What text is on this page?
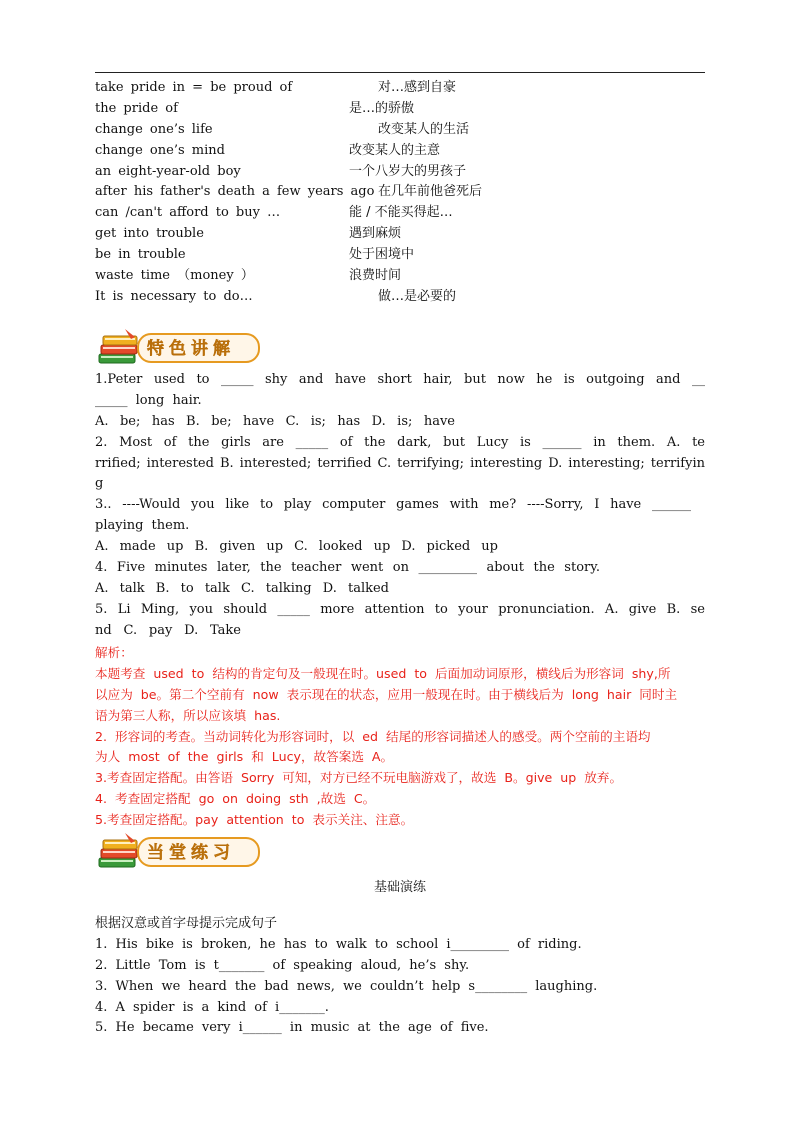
take pride in = be proud of	对…感到自豪
the pride of	是…的骄傲
change one’s life	改变某人的生活
change one’s mind	改变某人的主意
an eight-year-old boy	一个八岁大的男孩子
after his father's death a few years ago 在几年前他爸死后
can /can't afford to buy …	能 / 不能买得起…
get into trouble	遇到麻烦
be in trouble	处于困境中
waste time （money ）	浪费时间
It is necessary to do…	做…是必要的
特色讲解
1.Peter used to _____ shy and have short hair, but now he is outgoing and __
_____ long hair.
A. be; has B. be; have C. is; has D. is; have
2. Most of the girls are _____ of the dark, but Lucy is ______ in them. A. te
rrified; interested B. interested; terrified C. terrifying; interesting D. interesting; terrifyin
g
3.. ----Would you like to play computer games with me? ----Sorry, I have ______
playing them.
A. made up B. given up C. looked up D. picked up
4. Five minutes later, the teacher went on _________ about the story.
A. talk B. to talk C. talking D. talked
5. Li Ming, you should _____ more attention to your pronunciation. A. give B. se
nd C. pay D. Take
解析：
本题考查 used to 结构的肯定句及一般现在时。used to 后面加动词原形，横线后为形容词 shy,所
以应为 be。第二个空前有 now 表示现在的状态，应用一般现在时。由于横线后为 long hair 同时主
语为第三人称，所以应该填 has.
2. 形容词的考查。当动词转化为形容词时，以 ed 结尾的形容词描述人的感受。两个空前的主语均
为人 most of the girls 和 Lucy，故答案选 A。
3.考查固定搭配。由答语 Sorry 可知，对方已经不玩电脑游戏了，故选 B。give up 放弃。
4. 考查固定搭配 go on doing sth ,故选 C。
5.考查固定搭配。pay attention to 表示关注、注意。
当堂练习
基础演练
根据汉意或首字母提示完成句子
1. His bike is broken, he has to walk to school i_________ of riding.
2. Little Tom is t_______ of speaking aloud, he’s shy.
3. When we heard the bad news, we couldn’t help s________ laughing.
4. A spider is a kind of i_______.
5. He became very i______ in music at the age of five.
